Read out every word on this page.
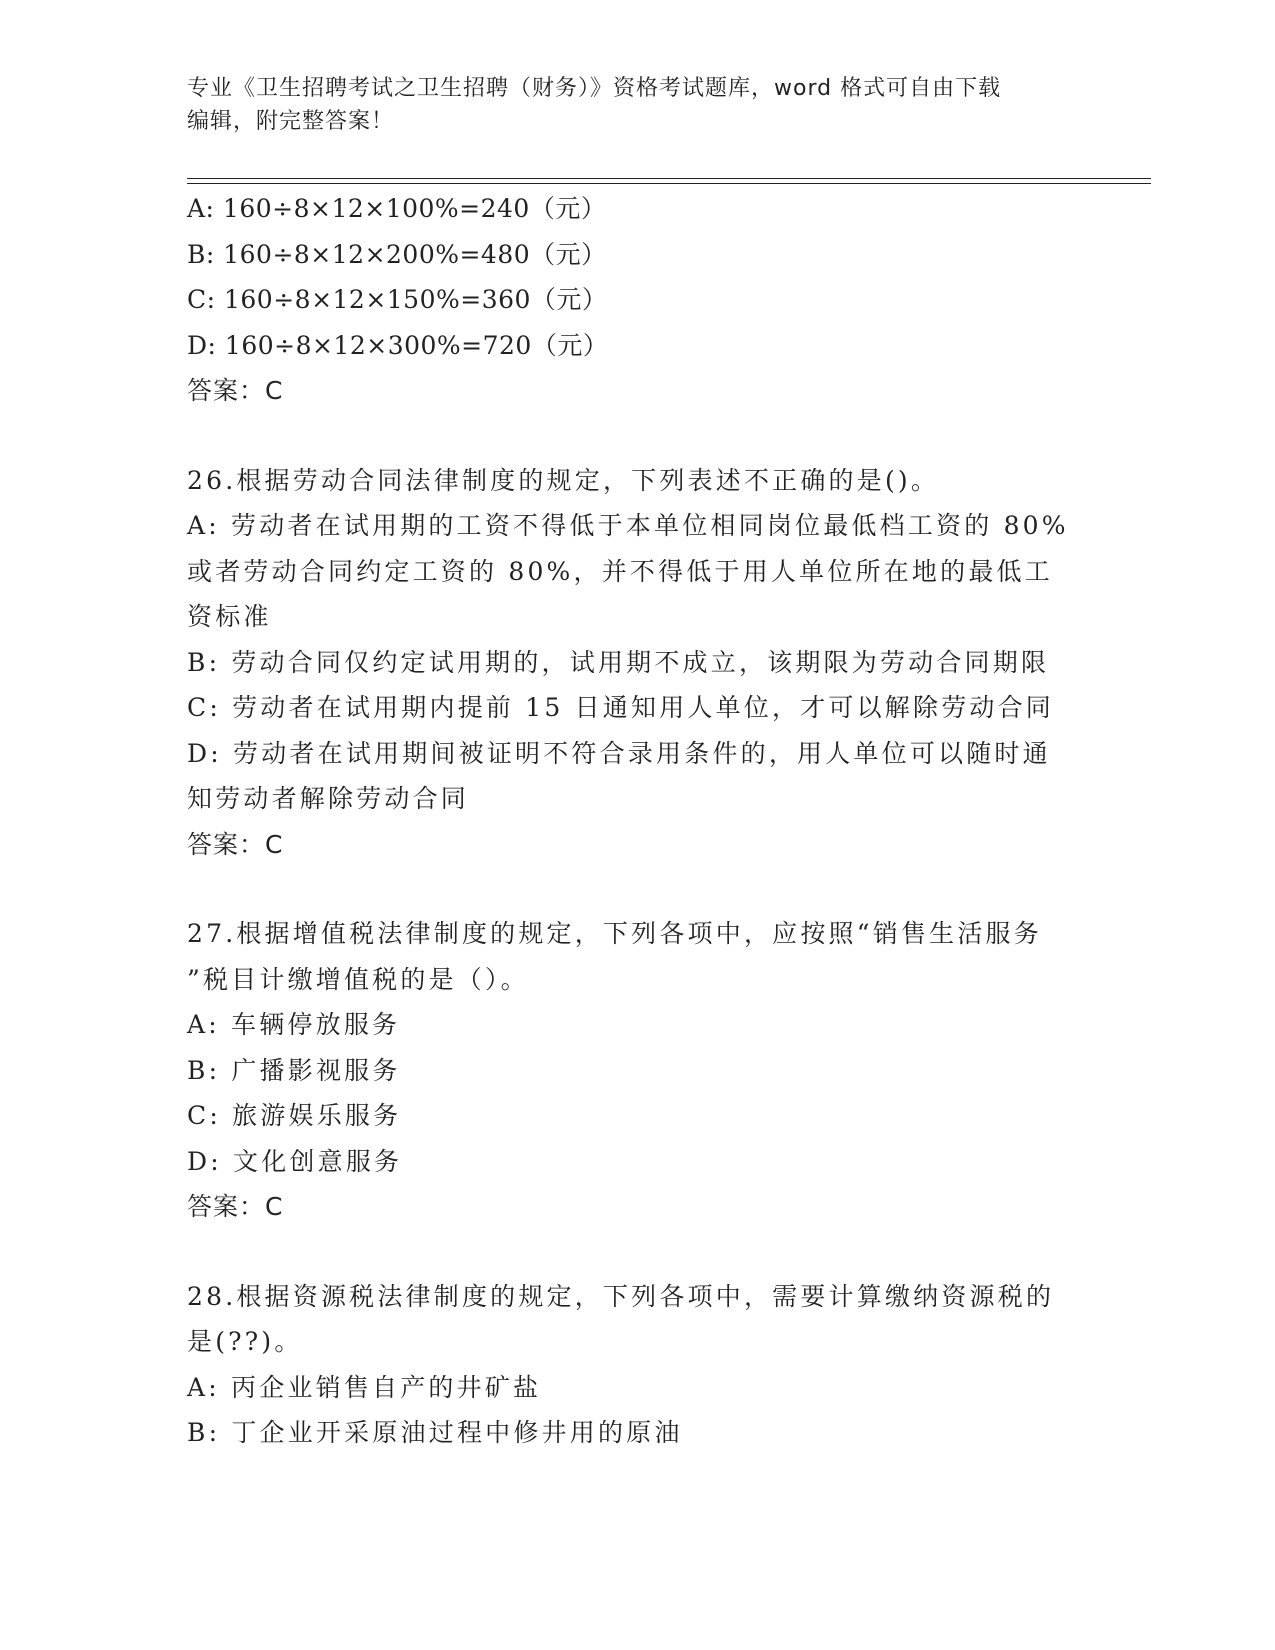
专业《卫生招聘考试之卫生招聘（财务）》资格考试题库，word 格式可自由下载
编辑，附完整答案！
A: 160÷8×12×100%=240（元）
B: 160÷8×12×200%=480（元）
C: 160÷8×12×150%=360（元）
D: 160÷8×12×300%=720（元）
答案：C
26.根据劳动合同法律制度的规定，下列表述不正确的是()。
A: 劳动者在试用期的工资不得低于本单位相同岗位最低档工资的 80%
或者劳动合同约定工资的 80%，并不得低于用人单位所在地的最低工
资标准
B: 劳动合同仅约定试用期的，试用期不成立，该期限为劳动合同期限
C: 劳动者在试用期内提前 15 日通知用人单位，才可以解除劳动合同
D: 劳动者在试用期间被证明不符合录用条件的，用人单位可以随时通
知劳动者解除劳动合同
答案：C
27.根据增值税法律制度的规定，下列各项中，应按照“销售生活服务
”税目计缴增值税的是（）。
A: 车辆停放服务
B: 广播影视服务
C: 旅游娱乐服务
D: 文化创意服务
答案：C
28.根据资源税法律制度的规定，下列各项中，需要计算缴纳资源税的
是(??)。
A: 丙企业销售自产的井矿盐
B: 丁企业开采原油过程中修井用的原油
